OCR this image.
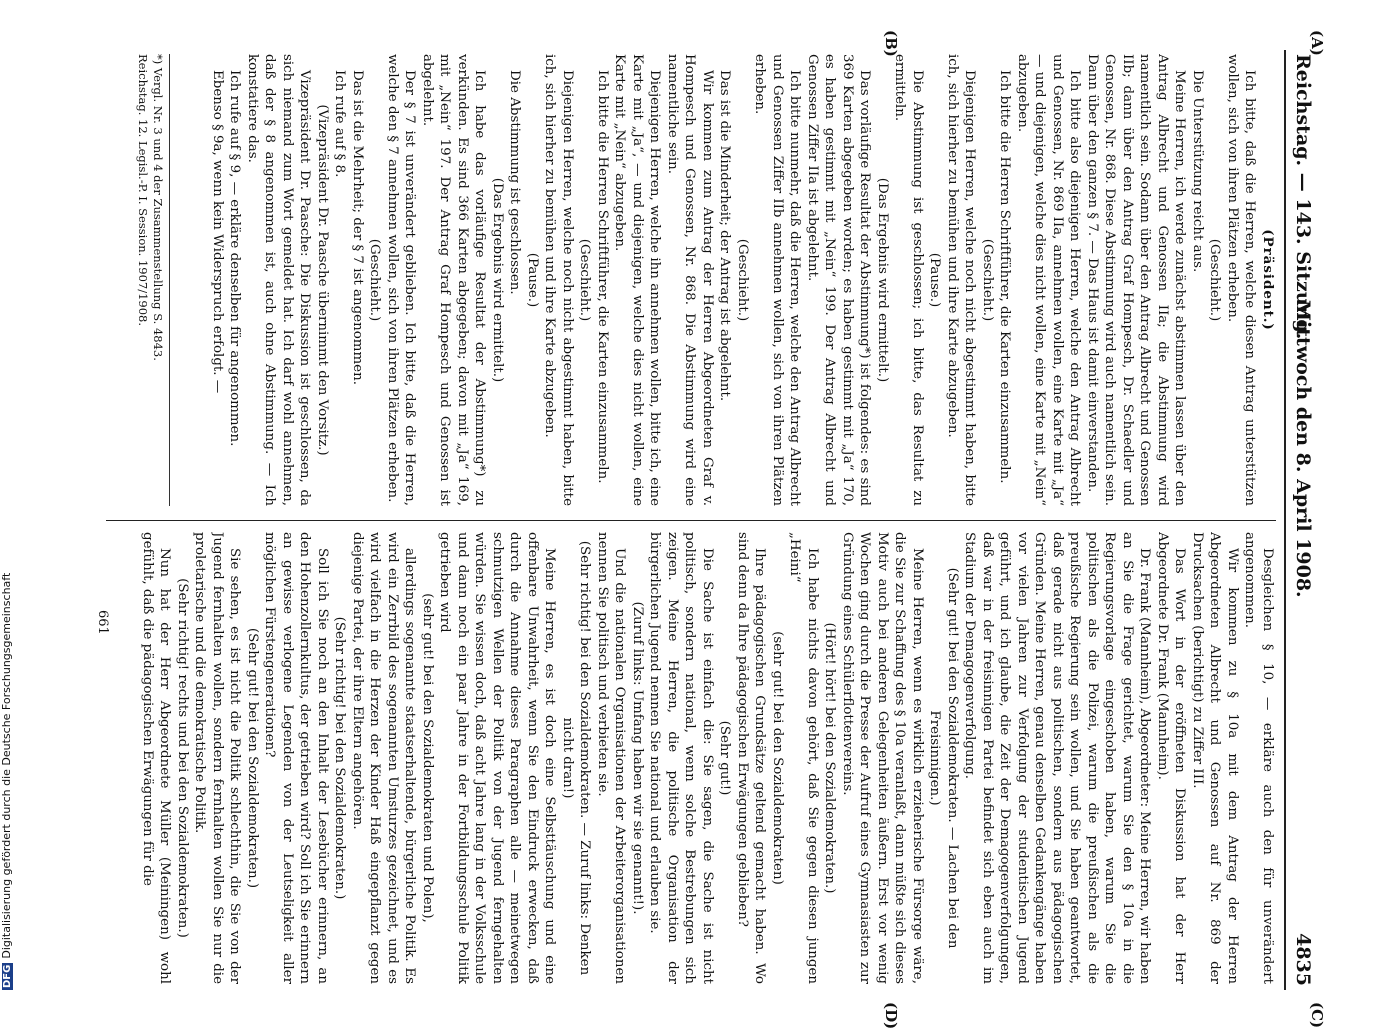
Reichstag. — 143. Sitzung.
Mittwoch den 8. April 1908.
4835
(A)
(B)
(C)
(D)

(Präsident.)

Ich bitte, daß die Herren, welche diesen Antrag unterstützen wollen, sich von ihren Plätzen erheben.

(Geschieht.)

Die Unterstützung reicht aus.

Meine Herren, ich werde zunächst abstimmen lassen über den Antrag Albrecht und Genossen IIa; die Abstimmung wird namentlich sein. Sodann über den Antrag Albrecht und Genossen IIb; dann über den Antrag Graf Hompesch, Dr. Schaedler und Genossen, Nr. 868. Diese Abstimmung wird auch namentlich sein. Dann über den ganzen § 7. — Das Haus ist damit einverstanden.

Ich bitte also diejenigen Herren, welche den Antrag Albrecht und Genossen, Nr. 869 IIa, annehmen wollen, eine Karte mit „Ja“ — und diejenigen, welche dies nicht wollen, eine Karte mit „Nein“ abzugeben.

Ich bitte die Herren Schriftführer, die Karten einzusammeln.

(Geschieht.)

Diejenigen Herren, welche noch nicht abgestimmt haben, bitte ich, sich hierher zu bemühen und ihre Karte abzugeben.

(Pause.)

Die Abstimmung ist geschlossen; ich bitte, das Resultat zu ermitteln.

(Das Ergebnis wird ermittelt.)

Das vorläufige Resultat der Abstimmung*) ist folgendes: es sind 369 Karten abgegeben worden; es haben gestimmt mit „Ja“ 170, es haben gestimmt mit „Nein“ 199. Der Antrag Albrecht und Genossen Ziffer IIa ist abgelehnt.

Ich bitte nunmehr, daß die Herren, welche den Antrag Albrecht und Genossen Ziffer IIb annehmen wollen, sich von ihren Plätzen erheben.

(Geschieht.)

Das ist die Minderheit; der Antrag ist abgelehnt.

Wir kommen zum Antrag der Herren Abgeordneten Graf v. Hompesch und Genossen, Nr. 868. Die Abstimmung wird eine namentliche sein.

Diejenigen Herren, welche ihn annehmen wollen, bitte ich, eine Karte mit „Ja“, — und diejenigen, welche dies nicht wollen, eine Karte mit „Nein“ abzugeben.

Ich bitte die Herren Schriftführer, die Karten einzusammeln.

(Geschieht.)

Diejenigen Herren, welche noch nicht abgestimmt haben, bitte ich, sich hierher zu bemühen und ihre Karte abzugeben.

(Pause.)

Die Abstimmung ist geschlossen.

(Das Ergebnis wird ermittelt.)

Ich habe das vorläufige Resultat der Abstimmung*) zu verkünden. Es sind 366 Karten abgegeben; davon mit „Ja“ 169, mit „Nein“ 197. Der Antrag Graf Hompesch und Genossen ist abgelehnt.

Der § 7 ist unverändert geblieben. Ich bitte, daß die Herren, welche den § 7 annehmen wollen, sich von ihren Plätzen erheben.

(Geschieht.)

Das ist die Mehrheit; der § 7 ist angenommen.

Ich rufe auf § 8.

(Vizepräsident Dr. Paasche übernimmt den Vorsitz.)

Vizepräsident Dr. Paasche: Die Diskussion ist geschlossen, da sich niemand zum Wort gemeldet hat. Ich darf wohl annehmen, daß der § 8 angenommen ist, auch ohne Abstimmung. — Ich konstatiere das.

Ich rufe auf § 9, — erkläre denselben für angenommen.

Ebenso § 9a, wenn kein Widerspruch erfolgt. —

Desgleichen § 10, — erkläre auch den für unverändert angenommen.

Wir kommen zu § 10a mit dem Antrag der Herren Abgeordneten Albrecht und Genossen auf Nr. 869 der Drucksachen (berichtigt) zu Ziffer III.

Das Wort in der eröffneten Diskussion hat der Herr Abgeordnete Dr. Frank (Mannheim).

Dr. Frank (Mannheim), Abgeordneter: Meine Herren, wir haben an Sie die Frage gerichtet, warum Sie den § 10a in die Regierungsvorlage eingeschoben haben, warum Sie die politischen als die Polizei, warum die preußischen als die preußische Regierung sein wollen, und Sie haben geantwortet, daß gerade nicht aus politischen, sondern aus pädagogischen Gründen. Meine Herren, genau denselben Gedankengänge haben vor vielen Jahren zur Verfolgung der studentischen Jugend geführt, und ich glaube, die Zeit der Demagogenverfolgungen, daß war in der freisinnigen Partei befindet sich eben auch im Stadium der Demagogenverfolgung.

(Sehr gut! bei den Sozialdemokraten. — Lachen bei den Freisinnigen.)

Meine Herren, wenn es wirklich erzieherische Fürsorge wäre, die Sie zur Schaffung des § 10a veranlaßt, dann müßte sich dieses Motiv auch bei anderen Gelegenheiten äußern. Erst vor wenig Wochen ging durch die Presse der Aufruf eines Gymnasiasten zur Gründung eines Schülerflottenvereins.

(Hört! hört! bei den Sozialdemokraten.)

Ich habe nichts davon gehört, daß Sie gegen diesen jungen „Heini“

(sehr gut! bei den Sozialdemokraten)

Ihre pädagogischen Grundsätze geltend gemacht haben. Wo sind denn da Ihre pädagogischen Erwägungen geblieben?

(Sehr gut!)

Die Sache ist einfach die: Sie sagen, die Sache ist nicht politisch, sondern national, wenn solche Bestrebungen sich zeigen. Meine Herren, die politische Organisation der bürgerlichen Jugend nennen Sie national und erlauben sie.

(Zuruf links: Umfang haben wir sie genannt!).

Und die nationalen Organisationen der Arbeiterorganisationen nennen Sie politisch und verbieten sie.

(Sehr richtig! bei den Sozialdemokraten. — Zuruf links: Denken nicht dran!)

Meine Herren, es ist doch eine Selbsttäuschung und eine offenbare Unwahrheit, wenn Sie den Eindruck erwecken, daß durch die Annahme dieses Paragraphen alle — meinetwegen schmutzigen Wellen der Politik von der Jugend ferngehalten würden. Sie wissen doch, daß acht Jahre lang in der Volksschule und dann noch ein paar Jahre in der Fortbildungsschule Politik getrieben wird

(sehr gut! bei den Sozialdemokraten und Polen),

allerdings sogenannte staatserhaltende, bürgerliche Politik. Es wird ein Zerrbild des sogenannten Umsturzes gezeichnet, und es wird vielfach in die Herzen der Kinder Haß eingepflanzt gegen diejenige Partei, der ihre Eltern angehören.

(Sehr richtig! bei den Sozialdemokraten.)

Soll ich Sie noch an den Inhalt der Lesebücher erinnern, an den Hohenzollernkultus, der getrieben wird? Soll ich Sie erinnern an gewisse verlogene Legenden von der Leutseligkeit aller möglichen Fürstengenerationen?

(Sehr gut! bei den Sozialdemokraten.)

Sie sehen, es ist nicht die Politik schlechthin, die Sie von der Jugend fernhalten wollen, sondern fernhalten wollen Sie nur die proletarische und die demokratische Politik.

(Sehr richtig! rechts und bei den Sozialdemokraten.)

Nun hat der Herr Abgeordnete Müller (Meiningen) wohl gefühlt, daß die pädagogischen Erwägungen für die

*) Vergl. Nr. 3 und 4 der Zusammenstellung S. 4843.
Reichstag. 12. Legisl.-P. I. Session. 1907/1908.
661
DFGDigitalisierung gefördert durch die Deutsche Forschungsgemeinschaft
